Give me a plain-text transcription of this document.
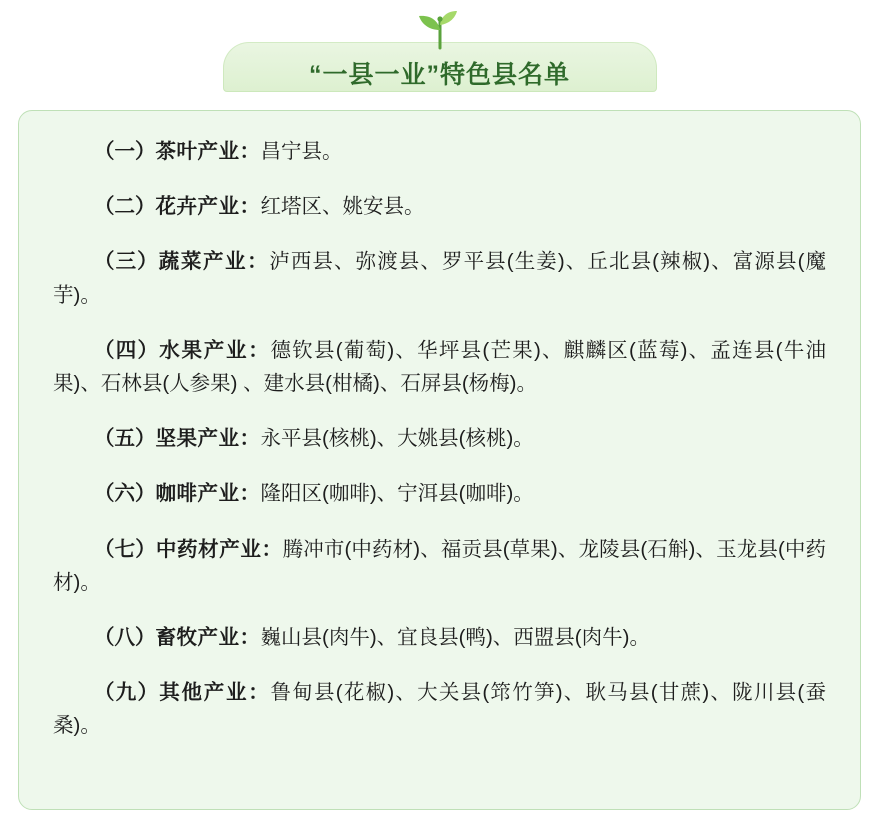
“一县一业”特色县名单

（一）茶叶产业：昌宁县。

（二）花卉产业：红塔区、姚安县。

（三）蔬菜产业：泸西县、弥渡县、罗平县(生姜)、丘北县(辣椒)、富源县(魔芋)。

（四）水果产业：德钦县(葡萄)、华坪县(芒果)、麒麟区(蓝莓)、孟连县(牛油果)、石林县(人参果) 、建水县(柑橘)、石屏县(杨梅)。

（五）坚果产业：永平县(核桃)、大姚县(核桃)。

（六）咖啡产业：隆阳区(咖啡)、宁洱县(咖啡)。

（七）中药材产业：腾冲市(中药材)、福贡县(草果)、龙陵县(石斛)、玉龙县(中药材)。

（八）畜牧产业：巍山县(肉牛)、宜良县(鸭)、西盟县(肉牛)。

（九）其他产业：鲁甸县(花椒)、大关县(筇竹笋)、耿马县(甘蔗)、陇川县(蚕桑)。
